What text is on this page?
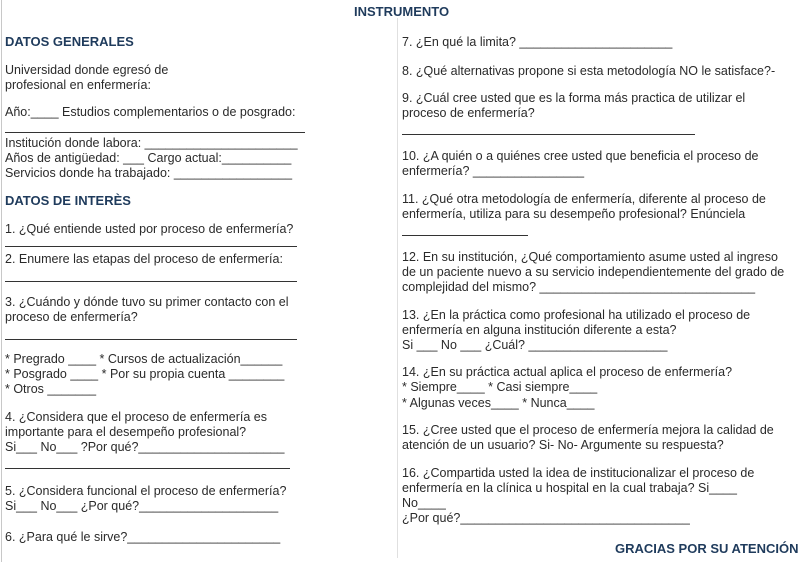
INSTRUMENTO
DATOS GENERALES
Universidad donde egresó de
profesional en enfermería:
Año:____ Estudios complementarios o de posgrado:
Institución donde labora: ______________________
Años de antigüedad: ___ Cargo actual:__________
Servicios donde ha trabajado: _________________
DATOS DE INTERÈS
1. ¿Qué entiende usted por proceso de enfermería?
2. Enumere las etapas del proceso de enfermería:
3. ¿Cuándo y dónde tuvo su primer contacto con el
proceso de enfermería?
* Pregrado ____ * Cursos de actualización______
* Posgrado ____ * Por su propia cuenta ________
* Otros _______
4. ¿Considera que el proceso de enfermería es
importante para el desempeño profesional?
Si___ No___ ?Por qué?_____________________
5. ¿Considera funcional el proceso de enfermería?
Si___ No___ ¿Por qué?____________________
6. ¿Para qué le sirve?______________________
7. ¿En qué la limita? ______________________
8. ¿Qué alternativas propone si esta metodología NO le satisface?-
9. ¿Cuál cree usted que es la forma más practica de utilizar el
proceso de enfermería?
10. ¿A quién o a quiénes cree usted que beneficia el proceso de
enfermería? ________________
11. ¿Qué otra metodología de enfermería, diferente al proceso de
enfermería, utiliza para su desempeño profesional? Enúnciela
12. En su institución, ¿Qué comportamiento asume usted al ingreso
de un paciente nuevo a su servicio independientemente del grado de
complejidad del mismo? _______________________________
13. ¿En la práctica como profesional ha utilizado el proceso de
enfermería en alguna institución diferente a esta?
Si ___ No ___ ¿Cuál? ____________________
14. ¿En su práctica actual aplica el proceso de enfermería?
* Siempre____ * Casi siempre____
* Algunas veces____ * Nunca____
15. ¿Cree usted que el proceso de enfermería mejora la calidad de
atención de un usuario? Si- No- Argumente su respuesta?
16. ¿Compartida usted la idea de institucionalizar el proceso de
enfermería en la clínica u hospital en la cual trabaja? Si____
No____
¿Por qué?_________________________________
GRACIAS POR SU ATENCIÓN
